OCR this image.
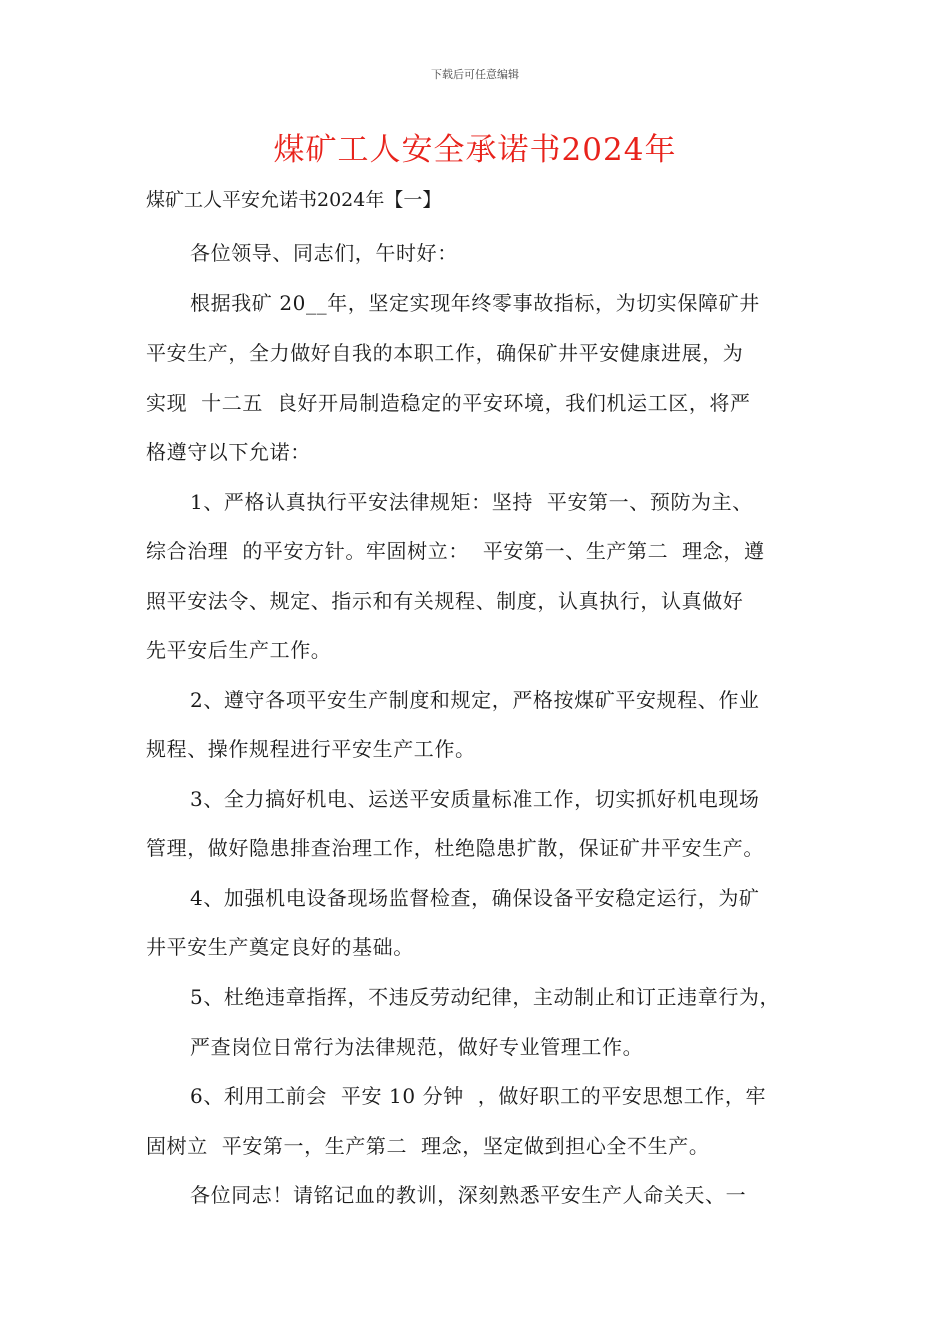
下载后可任意编辑
煤矿工人安全承诺书2024年
煤矿工人平安允诺书2024年【一】
各位领导、同志们，午时好：
根据我矿 20__年，坚定实现年终零事故指标，为切实保障矿井
平安生产，全力做好自我的本职工作，确保矿井平安健康进展，为
实现  十二五  良好开局制造稳定的平安环境，我们机运工区，将严
格遵守以下允诺：
1、严格认真执行平安法律规矩：坚持  平安第一、预防为主、
综合治理  的平安方针。牢固树立：  平安第一、生产第二  理念，遵
照平安法令、规定、指示和有关规程、制度，认真执行，认真做好
先平安后生产工作。
2、遵守各项平安生产制度和规定，严格按煤矿平安规程、作业
规程、操作规程进行平安生产工作。
3、全力搞好机电、运送平安质量标准工作，切实抓好机电现场
管理，做好隐患排查治理工作，杜绝隐患扩散，保证矿井平安生产。
4、加强机电设备现场监督检查，确保设备平安稳定运行，为矿
井平安生产奠定良好的基础。
5、杜绝违章指挥，不违反劳动纪律，主动制止和订正违章行为，
严查岗位日常行为法律规范，做好专业管理工作。
6、利用工前会  平安 10 分钟  ，做好职工的平安思想工作，牢
固树立  平安第一，生产第二  理念，坚定做到担心全不生产。
各位同志！请铭记血的教训，深刻熟悉平安生产人命关天、一
